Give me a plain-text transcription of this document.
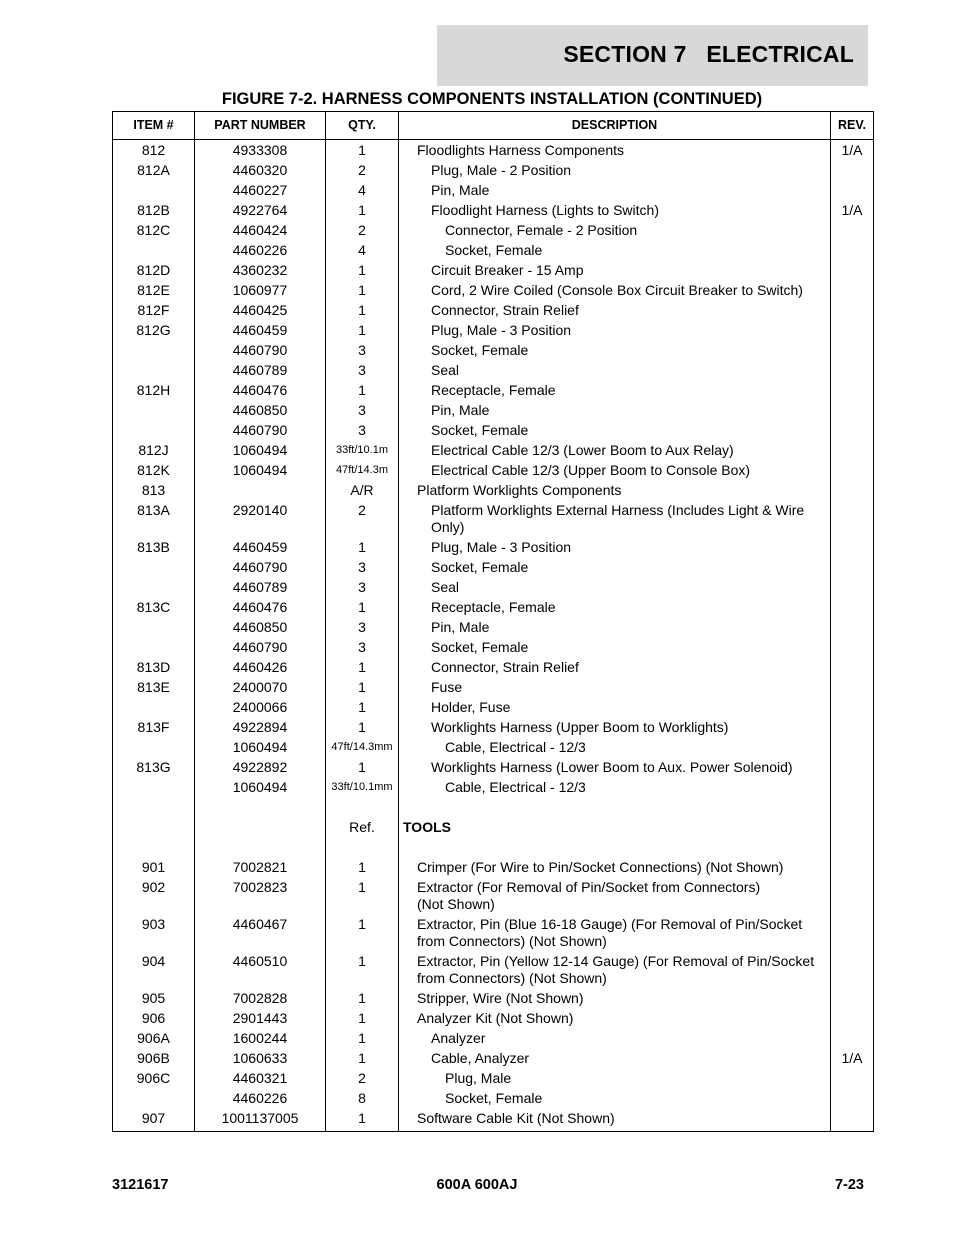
SECTION 7   ELECTRICAL
FIGURE 7-2. HARNESS COMPONENTS INSTALLATION (CONTINUED)
ITEM #	PART NUMBER	QTY.	DESCRIPTION	REV.
812	4933308	1	Floodlights Harness Components	1/A
812A	4460320	2	Plug, Male - 2 Position	
	4460227	4	Pin, Male	
812B	4922764	1	Floodlight Harness (Lights to Switch)	1/A
812C	4460424	2	Connector, Female - 2 Position	
	4460226	4	Socket, Female	
812D	4360232	1	Circuit Breaker - 15 Amp	
812E	1060977	1	Cord, 2 Wire Coiled (Console Box Circuit Breaker to Switch)	
812F	4460425	1	Connector, Strain Relief	
812G	4460459	1	Plug, Male - 3 Position	
	4460790	3	Socket, Female	
	4460789	3	Seal	
812H	4460476	1	Receptacle, Female	
	4460850	3	Pin, Male	
	4460790	3	Socket, Female	
812J	1060494	33ft/10.1m	Electrical Cable 12/3 (Lower Boom to Aux Relay)	
812K	1060494	47ft/14.3m	Electrical Cable 12/3 (Upper Boom to Console Box)	
813		A/R	Platform Worklights Components	
813A	2920140	2	Platform Worklights External Harness (Includes Light & Wire Only)	
813B	4460459	1	Plug, Male - 3 Position	
	4460790	3	Socket, Female	
	4460789	3	Seal	
813C	4460476	1	Receptacle, Female	
	4460850	3	Pin, Male	
	4460790	3	Socket, Female	
813D	4460426	1	Connector, Strain Relief	
813E	2400070	1	Fuse	
	2400066	1	Holder, Fuse	
813F	4922894	1	Worklights Harness (Upper Boom to Worklights)	
	1060494	47ft/14.3mm	Cable, Electrical - 12/3	
813G	4922892	1	Worklights Harness (Lower Boom to Aux. Power Solenoid)	
	1060494	33ft/10.1mm	Cable, Electrical - 12/3	

		Ref.	TOOLS	

901	7002821	1	Crimper (For Wire to Pin/Socket Connections) (Not Shown)	
902	7002823	1	Extractor (For Removal of Pin/Socket from Connectors)
(Not Shown)	
903	4460467	1	Extractor, Pin (Blue 16-18 Gauge) (For Removal of Pin/Socket from Connectors) (Not Shown)	
904	4460510	1	Extractor, Pin (Yellow 12-14 Gauge) (For Removal of Pin/Socket from Connectors) (Not Shown)	
905	7002828	1	Stripper, Wire (Not Shown)	
906	2901443	1	Analyzer Kit (Not Shown)	
906A	1600244	1	Analyzer	
906B	1060633	1	Cable, Analyzer	1/A
906C	4460321	2	Plug, Male	
	4460226	8	Socket, Female	
907	1001137005	1	Software Cable Kit (Not Shown)	
3121617	600A 600AJ	7-23
